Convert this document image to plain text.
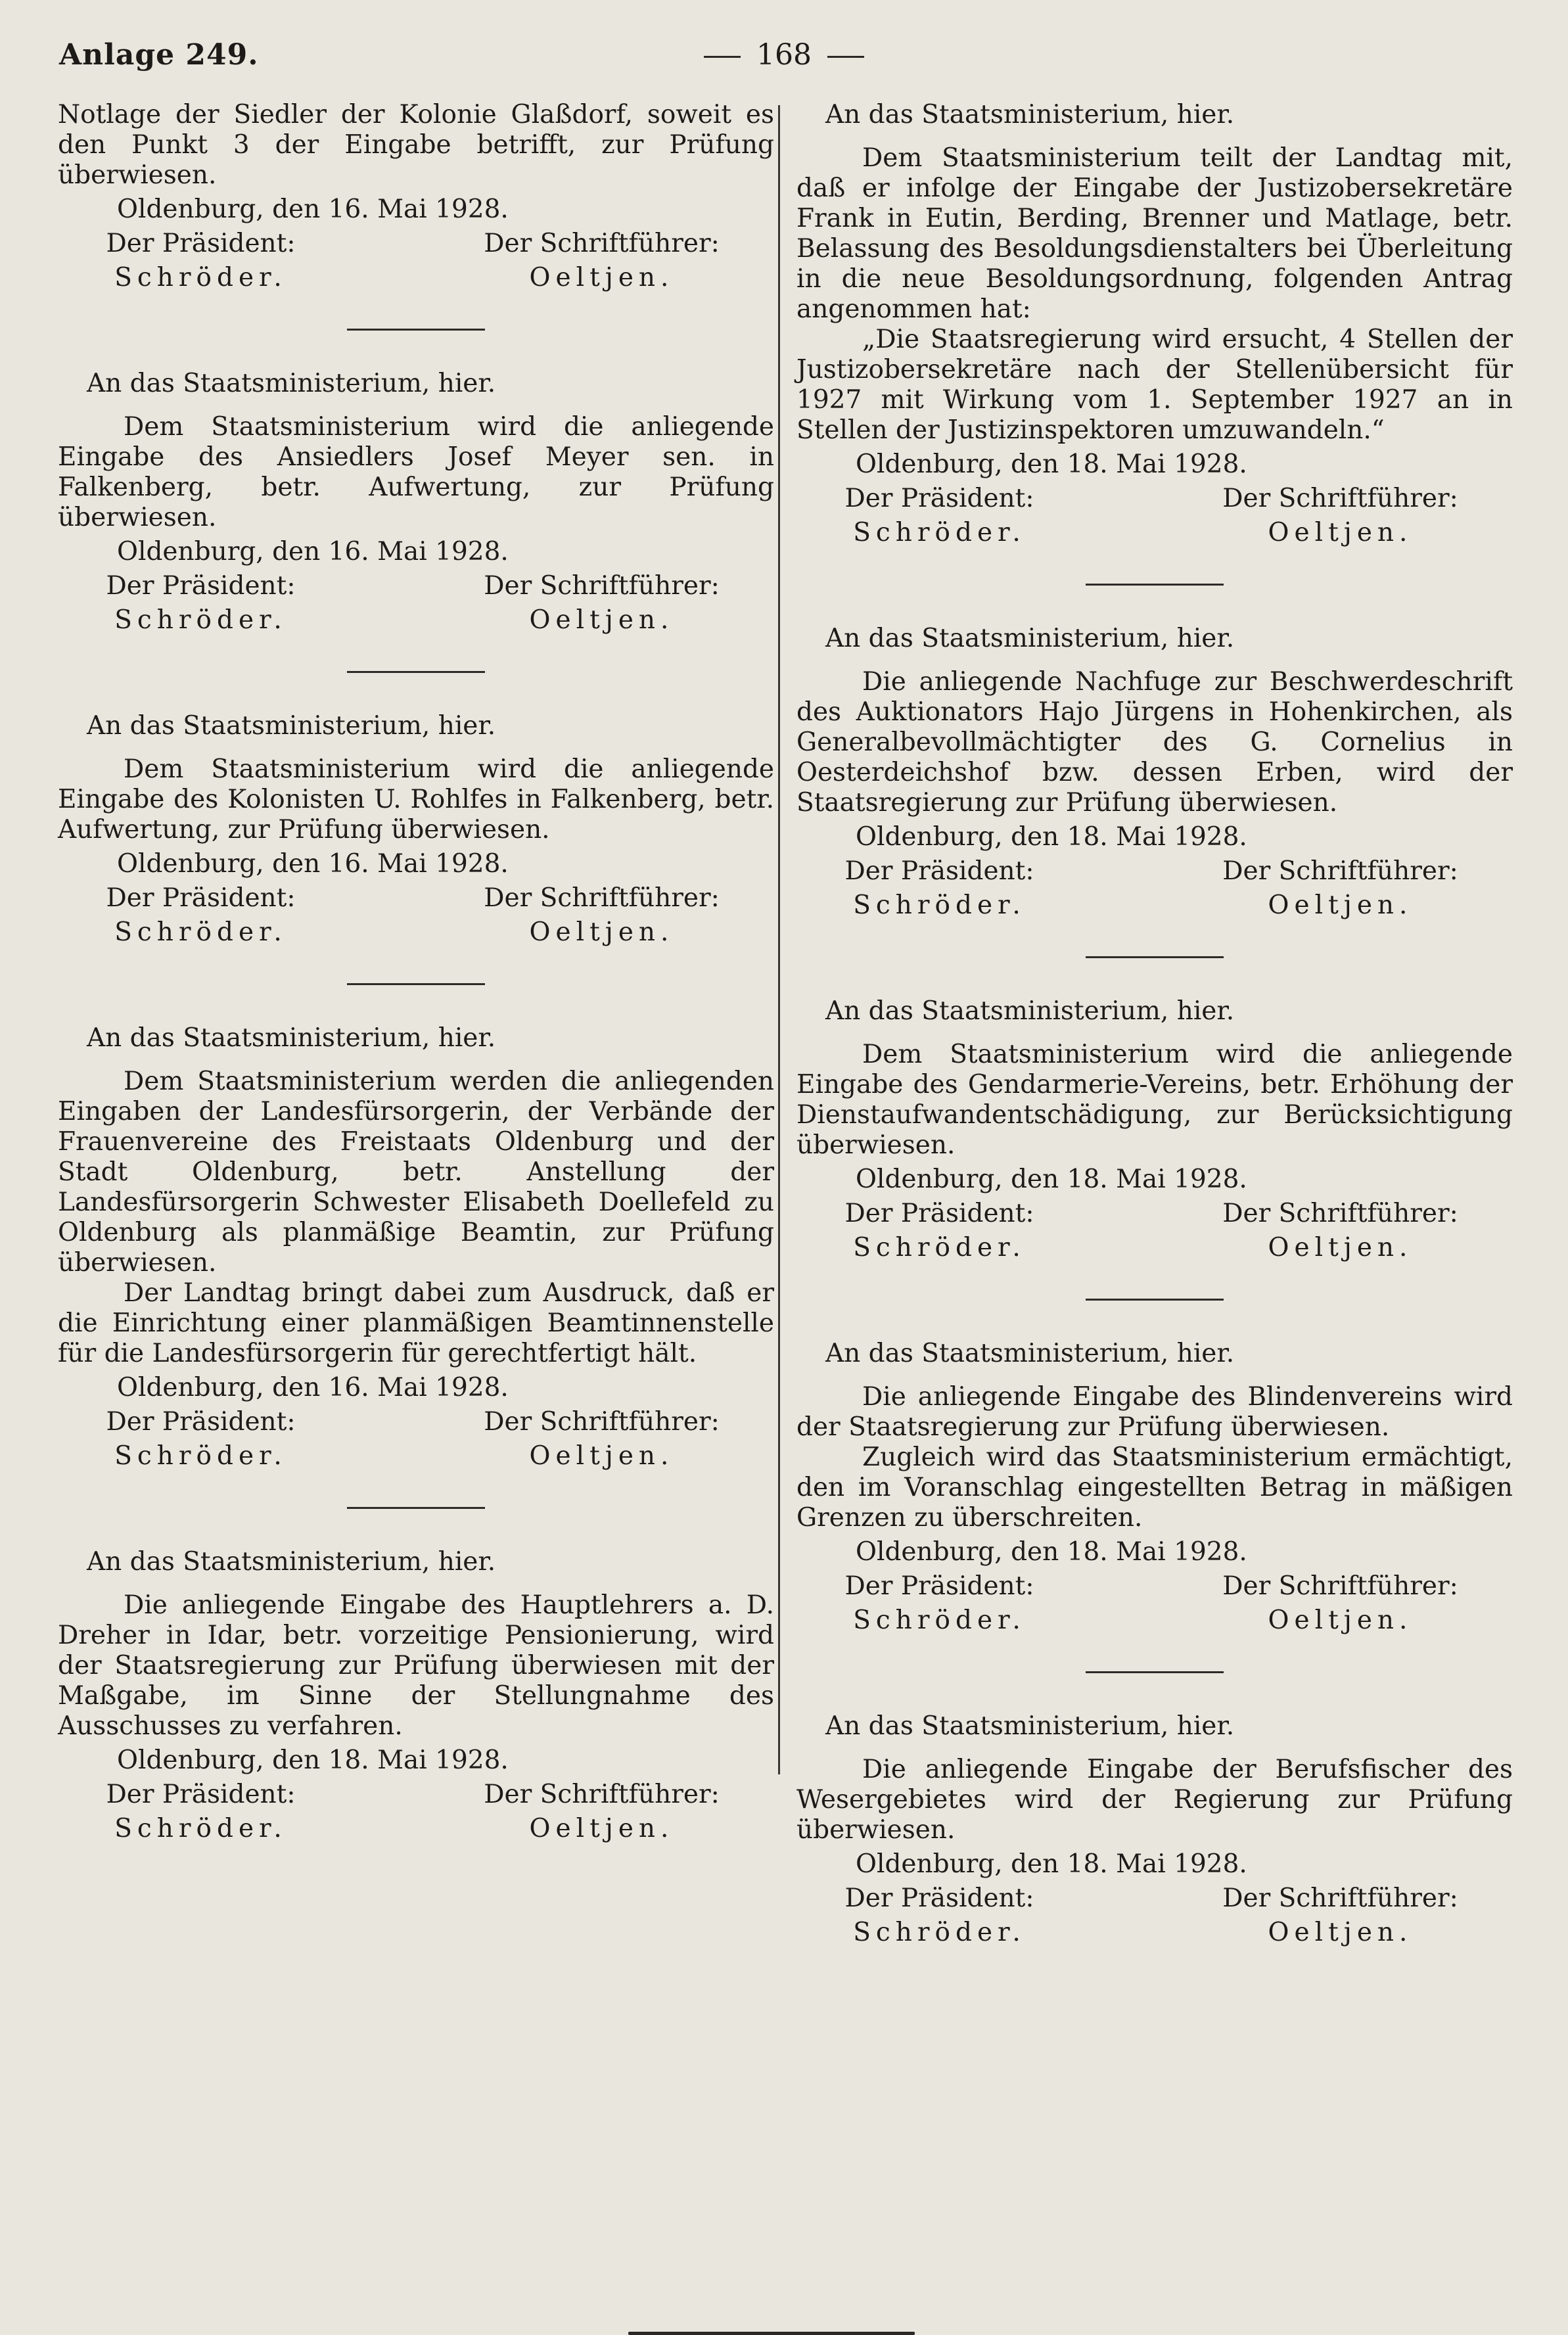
Anlage 249.	168

Notlage der Siedler der Kolonie Glaßdorf, soweit es den Punkt 3 der Eingabe betrifft, zur Prüfung überwiesen.

Oldenburg, den 16. Mai 1928.
Der Präsident:	Der Schriftführer:
Schröder.	Oeltjen.
An das Staatsministerium, hier.

Dem Staatsministerium wird die anliegende Eingabe des Ansiedlers Josef Meyer sen. in Falkenberg, betr. Aufwertung, zur Prüfung überwiesen.

Oldenburg, den 16. Mai 1928.
Der Präsident:	Der Schriftführer:
Schröder.	Oeltjen.
An das Staatsministerium, hier.

Dem Staatsministerium wird die anliegende Eingabe des Kolonisten U. Rohlfes in Falkenberg, betr. Aufwertung, zur Prüfung überwiesen.

Oldenburg, den 16. Mai 1928.
Der Präsident:	Der Schriftführer:
Schröder.	Oeltjen.
An das Staatsministerium, hier.

Dem Staatsministerium werden die anliegenden Eingaben der Landesfürsorgerin, der Verbände der Frauenvereine des Freistaats Oldenburg und der Stadt Oldenburg, betr. Anstellung der Landesfürsorgerin Schwester Elisabeth Doellefeld zu Oldenburg als planmäßige Beamtin, zur Prüfung überwiesen.

Der Landtag bringt dabei zum Ausdruck, daß er die Einrichtung einer planmäßigen Beamtinnenstelle für die Landesfürsorgerin für gerechtfertigt hält.

Oldenburg, den 16. Mai 1928.
Der Präsident:	Der Schriftführer:
Schröder.	Oeltjen.
An das Staatsministerium, hier.

Die anliegende Eingabe des Hauptlehrers a. D. Dreher in Idar, betr. vorzeitige Pensionierung, wird der Staatsregierung zur Prüfung überwiesen mit der Maßgabe, im Sinne der Stellungnahme des Ausschusses zu verfahren.

Oldenburg, den 18. Mai 1928.
Der Präsident:	Der Schriftführer:
Schröder.	Oeltjen.
An das Staatsministerium, hier.

Dem Staatsministerium teilt der Landtag mit, daß er infolge der Eingabe der Justizobersekretäre Frank in Eutin, Berding, Brenner und Matlage, betr. Belassung des Besoldungsdienstalters bei Überleitung in die neue Besoldungsordnung, folgenden Antrag angenommen hat:

„Die Staatsregierung wird ersucht, 4 Stellen der Justizobersekretäre nach der Stellenübersicht für 1927 mit Wirkung vom 1. September 1927 an in Stellen der Justizinspektoren umzuwandeln.“

Oldenburg, den 18. Mai 1928.
Der Präsident:	Der Schriftführer:
Schröder.	Oeltjen.
An das Staatsministerium, hier.

Die anliegende Nachfuge zur Beschwerdeschrift des Auktionators Hajo Jürgens in Hohenkirchen, als Generalbevollmächtigter des G. Cornelius in Oesterdeichshof bzw. dessen Erben, wird der Staatsregierung zur Prüfung überwiesen.

Oldenburg, den 18. Mai 1928.
Der Präsident:	Der Schriftführer:
Schröder.	Oeltjen.
An das Staatsministerium, hier.

Dem Staatsministerium wird die anliegende Eingabe des Gendarmerie-Vereins, betr. Erhöhung der Dienstaufwandentschädigung, zur Berücksichtigung überwiesen.

Oldenburg, den 18. Mai 1928.
Der Präsident:	Der Schriftführer:
Schröder.	Oeltjen.
An das Staatsministerium, hier.

Die anliegende Eingabe des Blindenvereins wird der Staatsregierung zur Prüfung überwiesen.

Zugleich wird das Staatsministerium ermächtigt, den im Voranschlag eingestellten Betrag in mäßigen Grenzen zu überschreiten.

Oldenburg, den 18. Mai 1928.
Der Präsident:	Der Schriftführer:
Schröder.	Oeltjen.
An das Staatsministerium, hier.

Die anliegende Eingabe der Berufsfischer des Wesergebietes wird der Regierung zur Prüfung überwiesen.

Oldenburg, den 18. Mai 1928.
Der Präsident:	Der Schriftführer:
Schröder.	Oeltjen.
